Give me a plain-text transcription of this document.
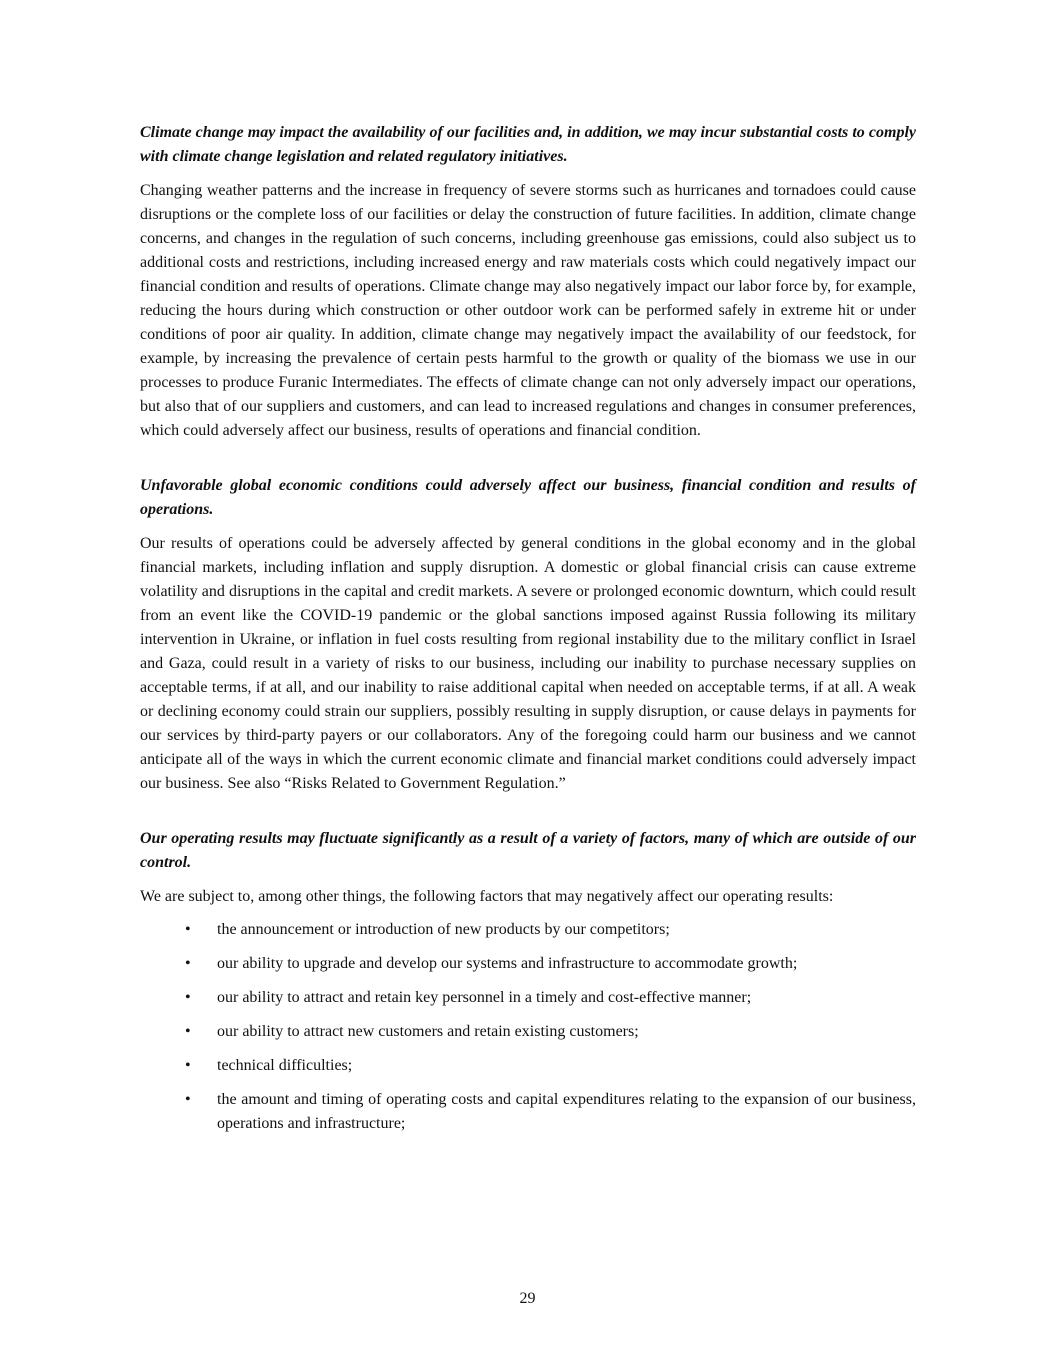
Climate change may impact the availability of our facilities and, in addition, we may incur substantial costs to comply with climate change legislation and related regulatory initiatives.

Changing weather patterns and the increase in frequency of severe storms such as hurricanes and tornadoes could cause disruptions or the complete loss of our facilities or delay the construction of future facilities. In addition, climate change concerns, and changes in the regulation of such concerns, including greenhouse gas emissions, could also subject us to additional costs and restrictions, including increased energy and raw materials costs which could negatively impact our financial condition and results of operations. Climate change may also negatively impact our labor force by, for example, reducing the hours during which construction or other outdoor work can be performed safely in extreme hit or under conditions of poor air quality. In addition, climate change may negatively impact the availability of our feedstock, for example, by increasing the prevalence of certain pests harmful to the growth or quality of the biomass we use in our processes to produce Furanic Intermediates. The effects of climate change can not only adversely impact our operations, but also that of our suppliers and customers, and can lead to increased regulations and changes in consumer preferences, which could adversely affect our business, results of operations and financial condition.

Unfavorable global economic conditions could adversely affect our business, financial condition and results of operations.

Our results of operations could be adversely affected by general conditions in the global economy and in the global financial markets, including inflation and supply disruption. A domestic or global financial crisis can cause extreme volatility and disruptions in the capital and credit markets. A severe or prolonged economic downturn, which could result from an event like the COVID-19 pandemic or the global sanctions imposed against Russia following its military intervention in Ukraine, or inflation in fuel costs resulting from regional instability due to the military conflict in Israel and Gaza, could result in a variety of risks to our business, including our inability to purchase necessary supplies on acceptable terms, if at all, and our inability to raise additional capital when needed on acceptable terms, if at all. A weak or declining economy could strain our suppliers, possibly resulting in supply disruption, or cause delays in payments for our services by third-party payers or our collaborators. Any of the foregoing could harm our business and we cannot anticipate all of the ways in which the current economic climate and financial market conditions could adversely impact our business. See also “Risks Related to Government Regulation.”

Our operating results may fluctuate significantly as a result of a variety of factors, many of which are outside of our control.

We are subject to, among other things, the following factors that may negatively affect our operating results:

• the announcement or introduction of new products by our competitors;
• our ability to upgrade and develop our systems and infrastructure to accommodate growth;
• our ability to attract and retain key personnel in a timely and cost-effective manner;
• our ability to attract new customers and retain existing customers;
• technical difficulties;
• the amount and timing of operating costs and capital expenditures relating to the expansion of our business, operations and infrastructure;
29
